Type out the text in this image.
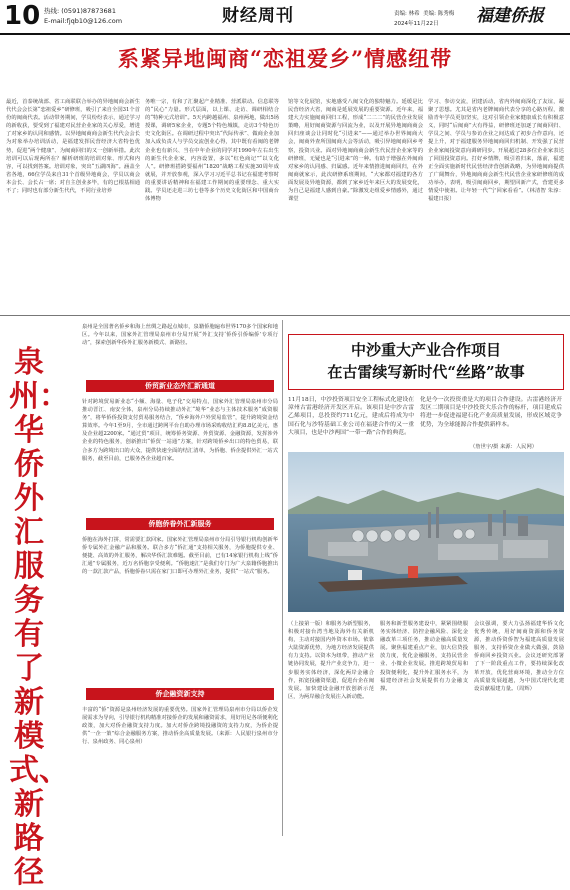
10 热线: (0591)87873681
E-mail:fjqb10@126.com	财经周刊	责编: 林希 美编: 陈秀梅
2024年11月22日 福建侨报
系紧异地闽商“恋祖爱乡”情感纽带
最近，首泰统战部、省工商联联合举办的异地闽商会新生代代会会长第“恋祖爱乡”研修班，吸引了来自全国31个首份的闽商代表。活动带务期间，学员纷纷表示，通过学习的新收获，要受到了福建对民营企业家的关心厚爱，增进了对家乡的认同和感情。以异地闽商商会新生代代会会长为对象举办培训活动，是福建发挥民营经济大省特色优势，促进“两个健康”、为闽商回归的又一创新举措。此次培训可以后现两所在？解析研班的培训对象、形式和内容，可以找到答案。培训对象，突出“五湖四海”。涵盖全省各地，66位学员来自31个首级异地商会，学员以商会本会长、会长占一席；对自主创业多毕，有的已根基相通不了；同时也有部分新生代代，不同行业培养
务唯一宗，有和了汇聚起产业精准、营派联动。信息联等的“民心”力量。形式层面，以上课、走访、调研相结合的“特种元式培训”。5天内跨越福州、泉州两地，做出5场授课，调研5家企业，专题5个特色城镇，走访3个特色历史文化街区。在调研过程中突出“代际传承”、做商企业加加入成负责人与学员交流创业心得，其中既有看闽的老牌企业也有新兴、当在中年企业的同学对1990年左右出生的新生代企业家，内容设置，多以“红色商记”“以文化人”。研修班搭跨要福州“1820”战略工程实施30周年成就展，并开放参观，深入学习习近平总书记在福建考察时的重要讲话精神和在福建工作期间的重要理念、重大实践。学员还走进三坊七巷等多个历史文化街区和中国商台体博物
馆等文化展馆，实地感受八闽文化的独特魅力。延缓是比民营经济大省，闽商是延展发展的重要资源。近年来，福建大力实施闽商回归工程，形成“二二二”的民营企业发展策略，用好闽商资源与回流为业，以及开展异地闽商商会回归座谈会让同时化“引进来”——通过举办世界闽商大会，闽商外查所国闽商大会等活动，吸引异地闽商回乡考察，投资兴业。面对异地闽商商会新生代民营企业家等的研修班，无疑也是“引进来”的一种。有助于增强在外闽商对家乡的认同感、归属感。近年来情推进闽商回归，在外闽商就家示，此次研修系班期间，“大家都对福建的各方面发展及异地资源，都到了家乡近年来巨大的发展变化，为自己是福建人感到自豪。”除激发走组爱乡情感外，通过课堂
学习、参访交流，团建活动，省内外闽商深化了友谊，凝聚了思想。尤其是省内老牌闽商代表分享的心路历程，激励青年学员更加坚实，这对引领企业家健康成长有积极意义，同时“后闽商”大有得益，研修班还加逐了闽商回归、学员之间、学员与参访企业之间达成了初步合作意向，还提上升，对于福建服务异地闽商回归机制、开发强了民营企业家闽投资意向调研同步。开展超过28多位企业家表达了回国投资意向。打好乡情牌，吸引着归来，落前，福建正全面实施新时代民营经济营创新战略，为异地闽商提供了广阔舞台，异地闽商商会新生代民营企业家研修班的成功举办，表明，吸引闽商回乡，期望回新产式，营建更多情爱中使祖。让年轻一代“宁回家看看”。（林清智 朱淳：福建日报）
泉州：华侨外汇服务有了新模式、新路径
泉州是全国著名侨乡和海上丝绸之路起点城市，泉籍侨胞遍布世界170多个国家和地区。今年以来，国家外汇管理局泉州市分局开展“外汇支持‘侨侨引侨编侨’专项行动”，探索创新华侨外汇服务新模式、新路径。
侨贸新业态外汇新通道
针对跨境贸易新业态“小额、海量、电子化”交易特点，国家外汇管理局泉州市分局推动晋江、南安全体，泉州分局持续推动外汇“境华”业态与主体技术服务“成资服务”，将华侨侨投资支付贸易服务结合，“侨乡海外户外贸易监管”，提升跨境资金结算效率。今年1至9月，全市通过跨网平台自助办理市场采购收结汇约8.8亿美元，惠及企业超2200家。“通过贸”项目，统筹侨务资源、外贸资源、金融资源，发挥涉外企业的特色服务，创新推出“侨贸一站通”方案，针对跨境侨乡出口的特色贸易，联合多方为跨境出口的大众，提供快速全面的结汇清单，为侨胞、侨企提供外汇一站式服务，截至目前，已服务各企业超百家。
侨胞侨眷外汇新服务
侨胞在海外打拼，常需要汇款回家。国家外汇管理局泉州市分局引导银行机构创新华侨专属外汇金融产品和服务。联合多方“侨汇通”支持相关服务，为侨胞提供专业、便捷、高效的外汇服务，解决华侨汇款难题。截至目前，已有14家银行机构上线“侨汇通”专属服务，近万名侨胞享受便利。“侨胞速汇”是我们专门为广大泉籍侨胞推出的一款汇款产品，侨胞侨眷只需在家门口即可办理外汇业务，提供“一站式”服务。
侨企融资新支持
丰富的“侨”资源是泉州经济发展的重要优势。国家外汇管理局泉州市分局以侨企发展需求为导向，引导银行机构精准对接侨企的发展和融资需求，用好用足各项便利化政策，加大对侨企融资支持力度。加大对侨企跨境投融资的支持力度，为侨企提供“一企一策”综合金融服务方案，推动侨企高质量发展。（来源：人民银行泉州市分行、泉州政务、同心泉州）
中沙重大产业合作项目
在古雷续写新时代“丝路”故事
11月18日，中沙投资项目安全工程标式化建设在漳州古雷港经济开发区开启。该项目是中沙古雷乙烯项目，总投资约711亿元，建成后将成为中国石化与沙特基础工业公司在福建合作的又一重大项目，也是中沙两国“一带一路”合作的典范。
化是今一次投资重是大的项目合作建设。古雷港经济开发区二期项目是中沙投资大乐合作的标杆，项目建成后将进一步促进福建石化产业高质量发展，形成区域竞争优势，为全球能源合作提供新样本。
（詹世宇/摄 来源：人民网）
（上接第一版）和服务为新型服务，积极对接台湾当地及海外有关新机构，主动对接国内外资本市场。依靠大陆资源优势，为地方经济发展提供有力支持。以资本为纽带，推动产业链协同发展，提升产业竞争力，进一步服务实体经济，深化两岸金融合作，拓宽投融资渠道，促进台企在闽发展。加快建设金融开放创新示范区，为两岸融合发展注入新动能。
服务和新型服务建设中，紧紧围绕服务实体经济、防控金融风险、深化金融改革三项任务，推动金融高质量发展。聚焦福建重点产业，加大信贷投放力度，优化金融服务，支持民营企业、小微企业发展。推进跨境贸易和投资便利化，提升外汇服务水平，为福建经济社会发展提供有力金融支撑。
会议强调，要大力弘扬福建华侨文化优秀传统，用好闽商资源和侨务资源，推动侨资侨智为福建高质量发展服务，支持侨资企业做大做强，鼓励侨商回乡投资兴业。会议还研究部署了下一阶段重点工作，要持续深化改革开放，优化营商环境，推动全方位高质量发展超越，为中国式现代化建设贡献福建力量。（周辉）
